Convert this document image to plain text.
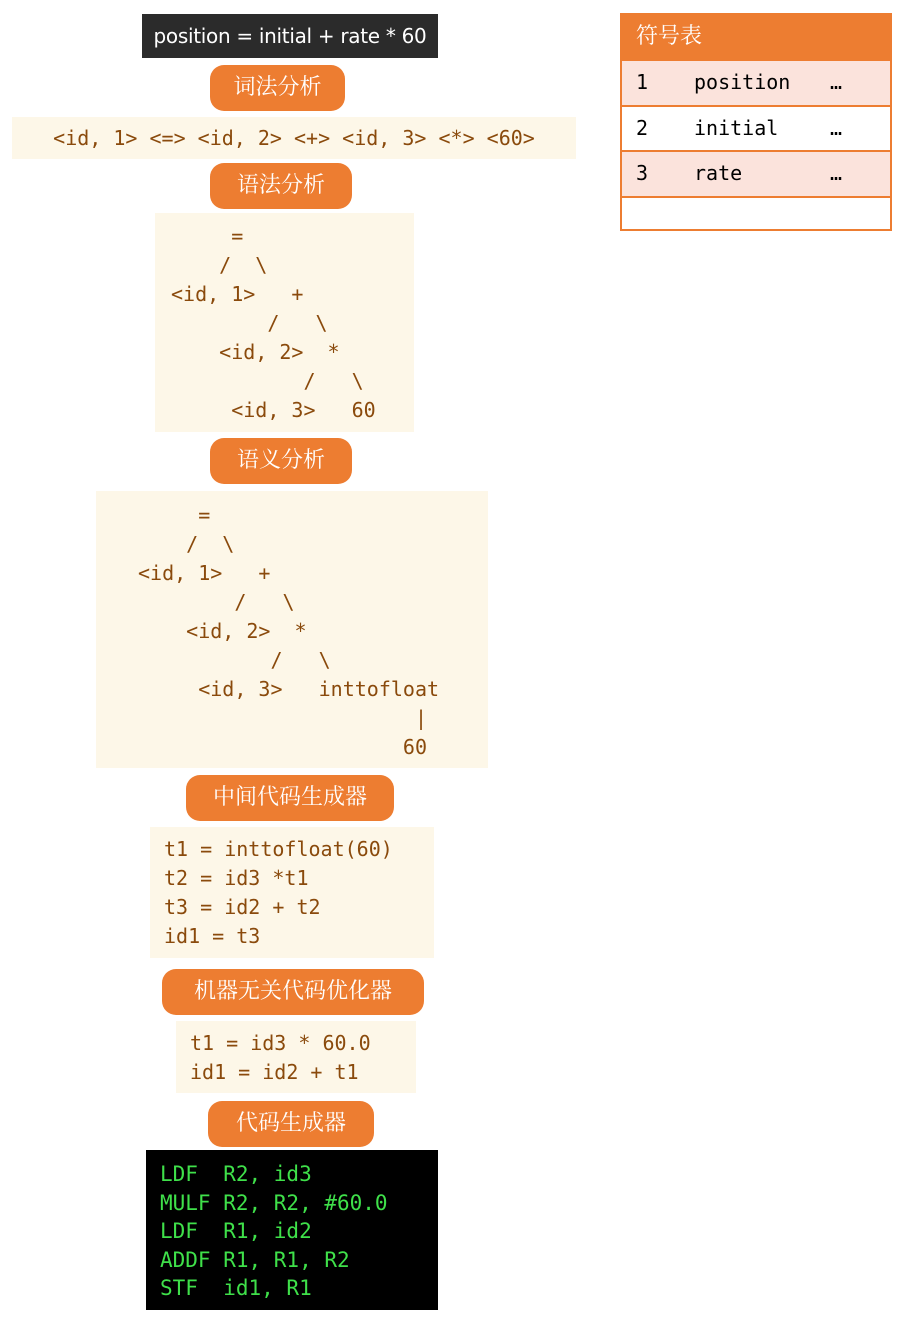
position = initial + rate * 60
词法分析
<id, 1> <=> <id, 2> <+> <id, 3> <*> <60>
语法分析
=
/  \
<id, 1>   +
/   \
<id, 2>  *
/   \
<id, 3>   60
语义分析
=
/  \
<id, 1>   +
/   \
<id, 2>  *
/   \
<id, 3>   inttofloat
|
60
中间代码生成器
t1 = inttofloat(60)
t2 = id3 *t1
t3 = id2 + t2
id1 = t3
机器无关代码优化器
t1 = id3 * 60.0
id1 = id2 + t1
代码生成器
LDF  R2, id3
MULF R2, R2, #60.0
LDF  R1, id2
ADDF R1, R1, R2
STF  id1, R1
符号表
1 position …
2 initial	…
3 rate	…
